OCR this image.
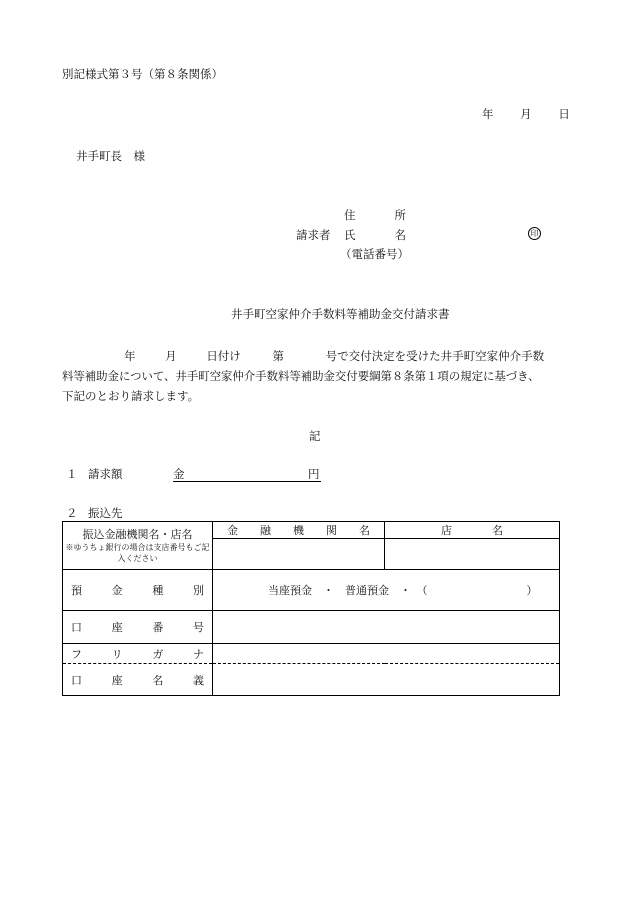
別記様式第３号（第８条関係）
年 月 日
井手町長　様
住	所
請求者 氏	名	印
（電話番号）
井手町空家仲介手数料等補助金交付請求書
年	月	日付け	第	号で交付決定を受けた井手町空家仲介手数
料等補助金について、井手町空家仲介手数料等補助金交付要綱第８条第１項の規定に基づき、
下記のとおり請求します。
記
１ 請求額	金	円
２ 振込先
振込金融機関名・店名
※ゆうちょ銀行の場合は支店番号もご記入ください	金 融 機 関 名	店 名

預 金 種 別	当座預金　・　普通預金　・　（　　　　　　　　　）	

口 座 番 号		

フ リ ガ ナ		

口 座 名 義		
